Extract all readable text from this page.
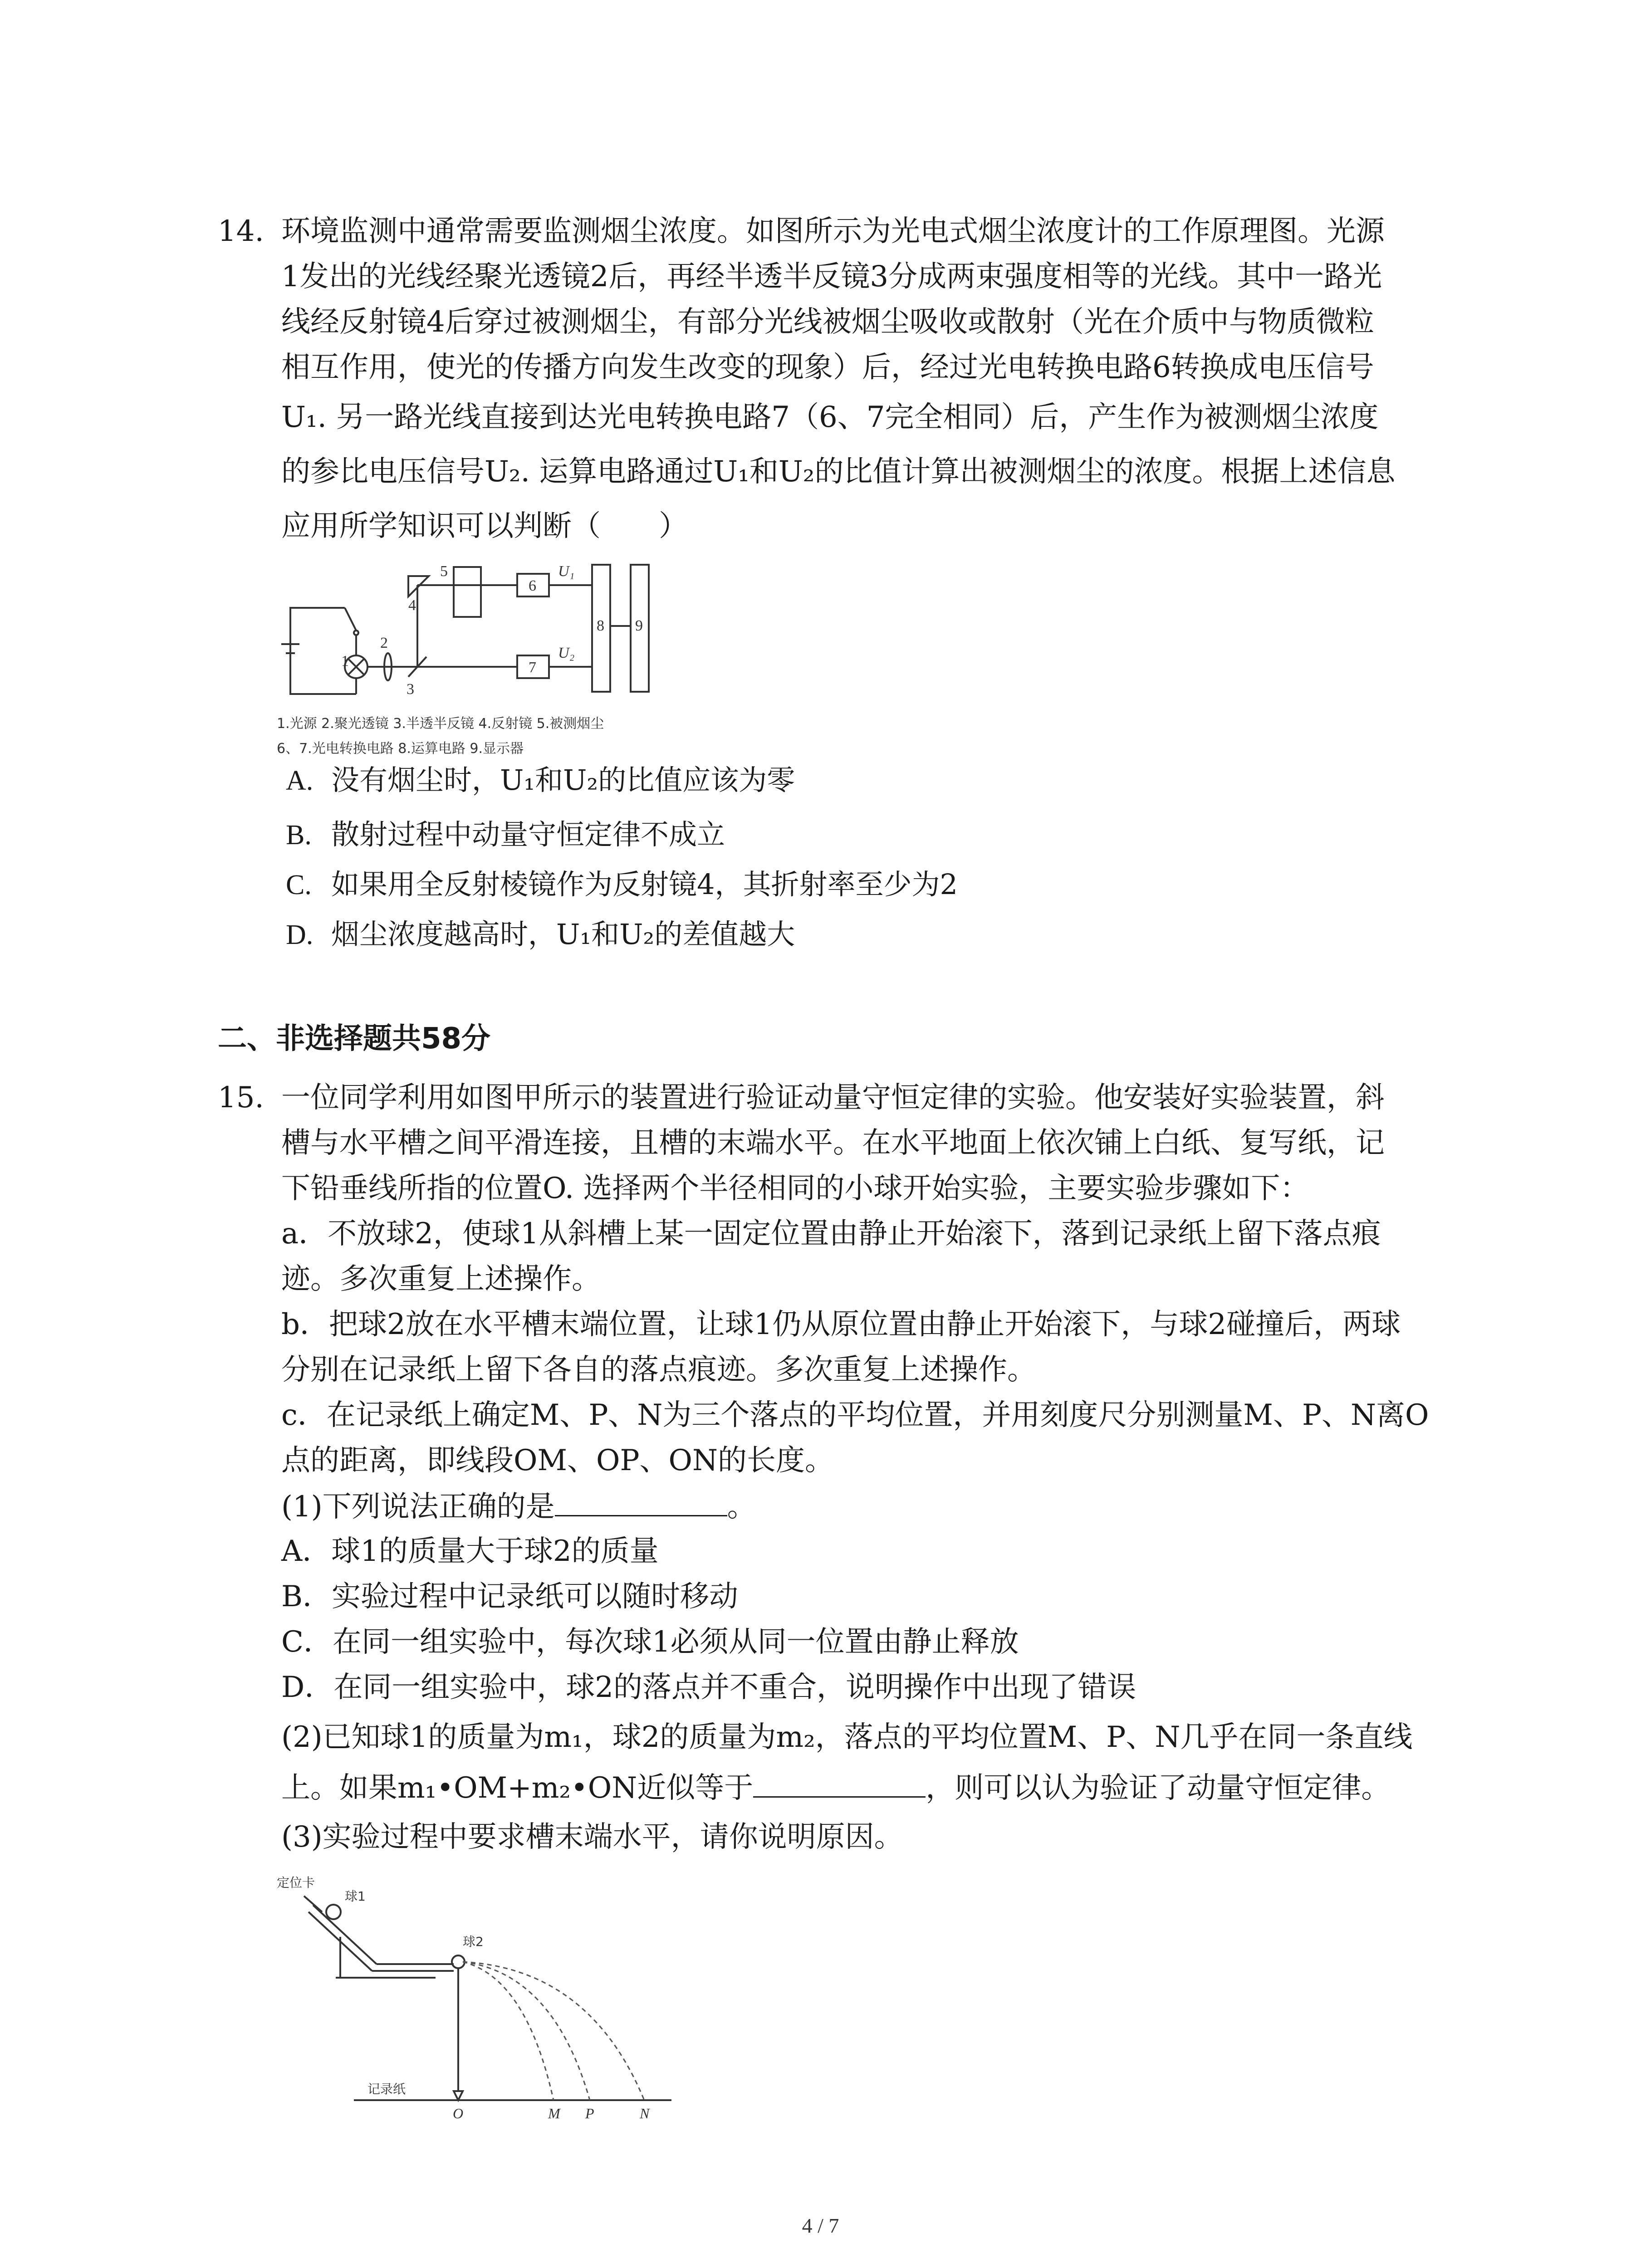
14. 环境监测中通常需要监测烟尘浓度。如图所示为光电式烟尘浓度计的工作原理图。光源
1发出的光线经聚光透镜2后，再经半透半反镜3分成两束强度相等的光线。其中一路光
线经反射镜4后穿过被测烟尘，有部分光线被烟尘吸收或散射（光在介质中与物质微粒
相互作用，使光的传播方向发生改变的现象）后，经过光电转换电路6转换成电压信号
U₁. 另一路光线直接到达光电转换电路7（6、7完全相同）后，产生作为被测烟尘浓度
的参比电压信号U₂. 运算电路通过U₁和U₂的比值计算出被测烟尘的浓度。根据上述信息
应用所学知识可以判断（　　）
1
2
3
4
5
6
7
8 9
U₁
U₂
1.光源 2.聚光透镜 3.半透半反镜 4.反射镜 5.被测烟尘
6、7.光电转换电路 8.运算电路 9.显示器
A. 没有烟尘时，U₁和U₂的比值应该为零
B. 散射过程中动量守恒定律不成立
C. 如果用全反射棱镜作为反射镜4，其折射率至少为2
D. 烟尘浓度越高时，U₁和U₂的差值越大
二、非选择题共58分
15. 一位同学利用如图甲所示的装置进行验证动量守恒定律的实验。他安装好实验装置，斜
槽与水平槽之间平滑连接，且槽的末端水平。在水平地面上依次铺上白纸、复写纸，记
下铅垂线所指的位置O. 选择两个半径相同的小球开始实验，主要实验步骤如下：
a．不放球2，使球1从斜槽上某一固定位置由静止开始滚下，落到记录纸上留下落点痕
迹。多次重复上述操作。
b．把球2放在水平槽末端位置，让球1仍从原位置由静止开始滚下，与球2碰撞后，两球
分别在记录纸上留下各自的落点痕迹。多次重复上述操作。
c．在记录纸上确定M、P、N为三个落点的平均位置，并用刻度尺分别测量M、P、N离O
点的距离，即线段OM、OP、ON的长度。
(1)下列说法正确的是	。
A．球1的质量大于球2的质量
B．实验过程中记录纸可以随时移动
C．在同一组实验中，每次球1必须从同一位置由静止释放
D．在同一组实验中，球2的落点并不重合，说明操作中出现了错误
(2)已知球1的质量为m₁，球2的质量为m₂，落点的平均位置M、P、N几乎在同一条直线
上。如果m₁•OM+m₂•ON近似等于	，则可以认为验证了动量守恒定律。
(3)实验过程中要求槽末端水平，请你说明原因。
定位卡
球1
球2
记录纸
O	M P	N
4 / 7
